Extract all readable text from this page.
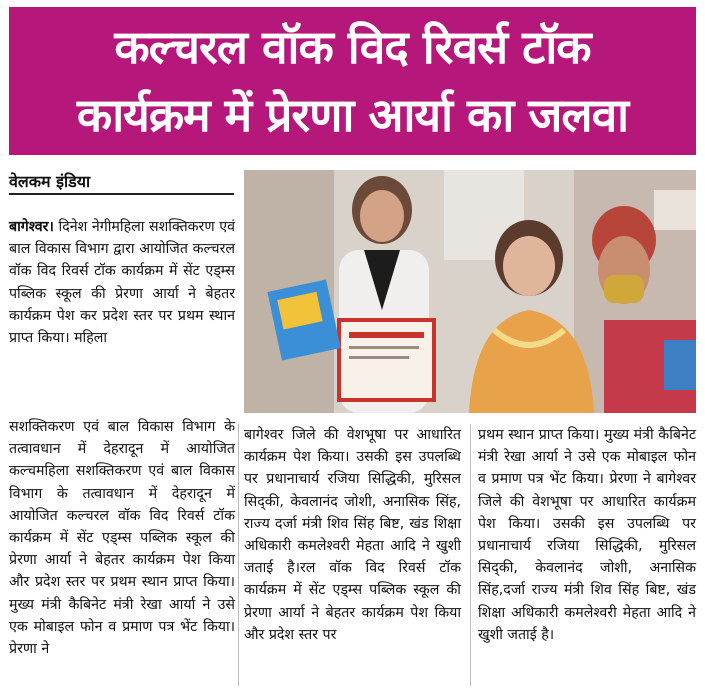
कल्चरल वॉक विद रिवर्स टॉक
कार्यक्रम में प्रेरणा आर्या का जलवा
वेलकम इंडिया
बागेश्वर। दिनेश नेगीमहिला सशक्तिकरण एवं बाल विकास विभाग द्वारा आयोजित कल्चरल वॉक विद रिवर्स टॉक कार्यक्रम में सेंट एड्म्स पब्लिक स्कूल की प्रेरणा आर्या ने बेहतर कार्यक्रम पेश कर प्रदेश स्तर पर प्रथम स्थान प्राप्त किया। महिला
सशक्तिकरण एवं बाल विकास विभाग के तत्वावधान में देहरादून में आयोजित कल्चमहिला सशक्तिकरण एवं बाल विकास विभाग के तत्वावधान में देहरादून में आयोजित कल्चरल वॉक विद रिवर्स टॉक कार्यक्रम में सेंट एड्म्स पब्लिक स्कूल की प्रेरणा आर्या ने बेहतर कार्यक्रम पेश किया और प्रदेश स्तर पर प्रथम स्थान प्राप्त किया। मुख्य मंत्री कैबिनेट मंत्री रेखा आर्या ने उसे एक मोबाइल फोन व प्रमाण पत्र भेंट किया। प्रेरणा ने
बागेश्वर जिले की वेशभूषा पर आधारित कार्यक्रम पेश किया। उसकी इस उपलब्धि पर प्रधानाचार्य रजिया सिद्धिकी, मुरिसल सिद्की, केवलानंद जोशी, अनासिक सिंह, राज्य दर्जा मंत्री शिव सिंह बिष्ट, खंड शिक्षा अधिकारी कमलेश्वरी मेहता आदि ने खुशी जताई है।रल वॉक विद रिवर्स टॉक कार्यक्रम में सेंट एड्म्स पब्लिक स्कूल की प्रेरणा आर्या ने बेहतर कार्यक्रम पेश किया और प्रदेश स्तर पर
प्रथम स्थान प्राप्त किया। मुख्य मंत्री कैबिनेट मंत्री रेखा आर्या ने उसे एक मोबाइल फोन व प्रमाण पत्र भेंट किया। प्रेरणा ने बागेश्वर जिले की वेशभूषा पर आधारित कार्यक्रम पेश किया। उसकी इस उपलब्धि पर प्रधानाचार्य रजिया सिद्धिकी, मुरिसल सिद्की, केवलानंद जोशी, अनासिक सिंह,दर्जा राज्य मंत्री शिव सिंह बिष्ट, खंड शिक्षा अधिकारी कमलेश्वरी मेहता आदि ने खुशी जताई है।
